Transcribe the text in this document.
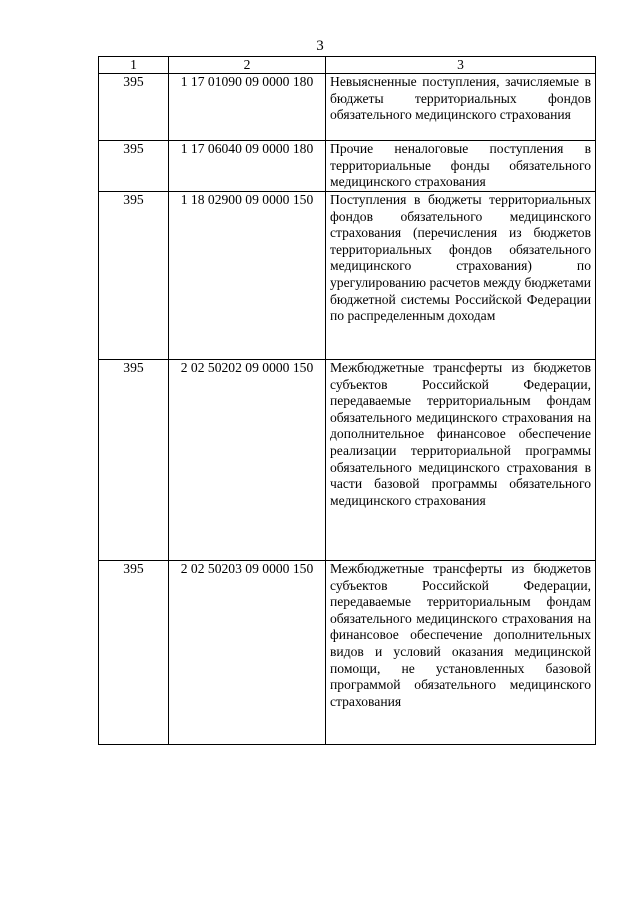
3
1	2	3
395	1 17 01090 09 0000 180	Невыясненные поступления, зачисляемые в бюджеты территориальных фондов обязательного медицинского страхования
395	1 17 06040 09 0000 180	Прочие неналоговые поступления в территориальные фонды обязательного медицинского страхования
395	1 18 02900 09 0000 150	Поступления в бюджеты территориальных фондов обязательного медицинского страхования (перечисления из бюджетов территориальных фондов обязательного медицинского страхования) по урегулированию расчетов между бюджетами бюджетной системы Российской Федерации по распределенным доходам
395	2 02 50202 09 0000 150	Межбюджетные трансферты из бюджетов субъектов Российской Федерации, передаваемые территориальным фондам обязательного медицинского страхования на дополнительное финансовое обеспечение реализации территориальной программы обязательного медицинского страхования в части базовой программы обязательного медицинского страхования
395	2 02 50203 09 0000 150	Межбюджетные трансферты из бюджетов субъектов Российской Федерации, передаваемые территориальным фондам обязательного медицинского страхования на финансовое обеспечение дополнительных видов и условий оказания медицинской помощи, не установленных базовой программой обязательного медицинского страхования
